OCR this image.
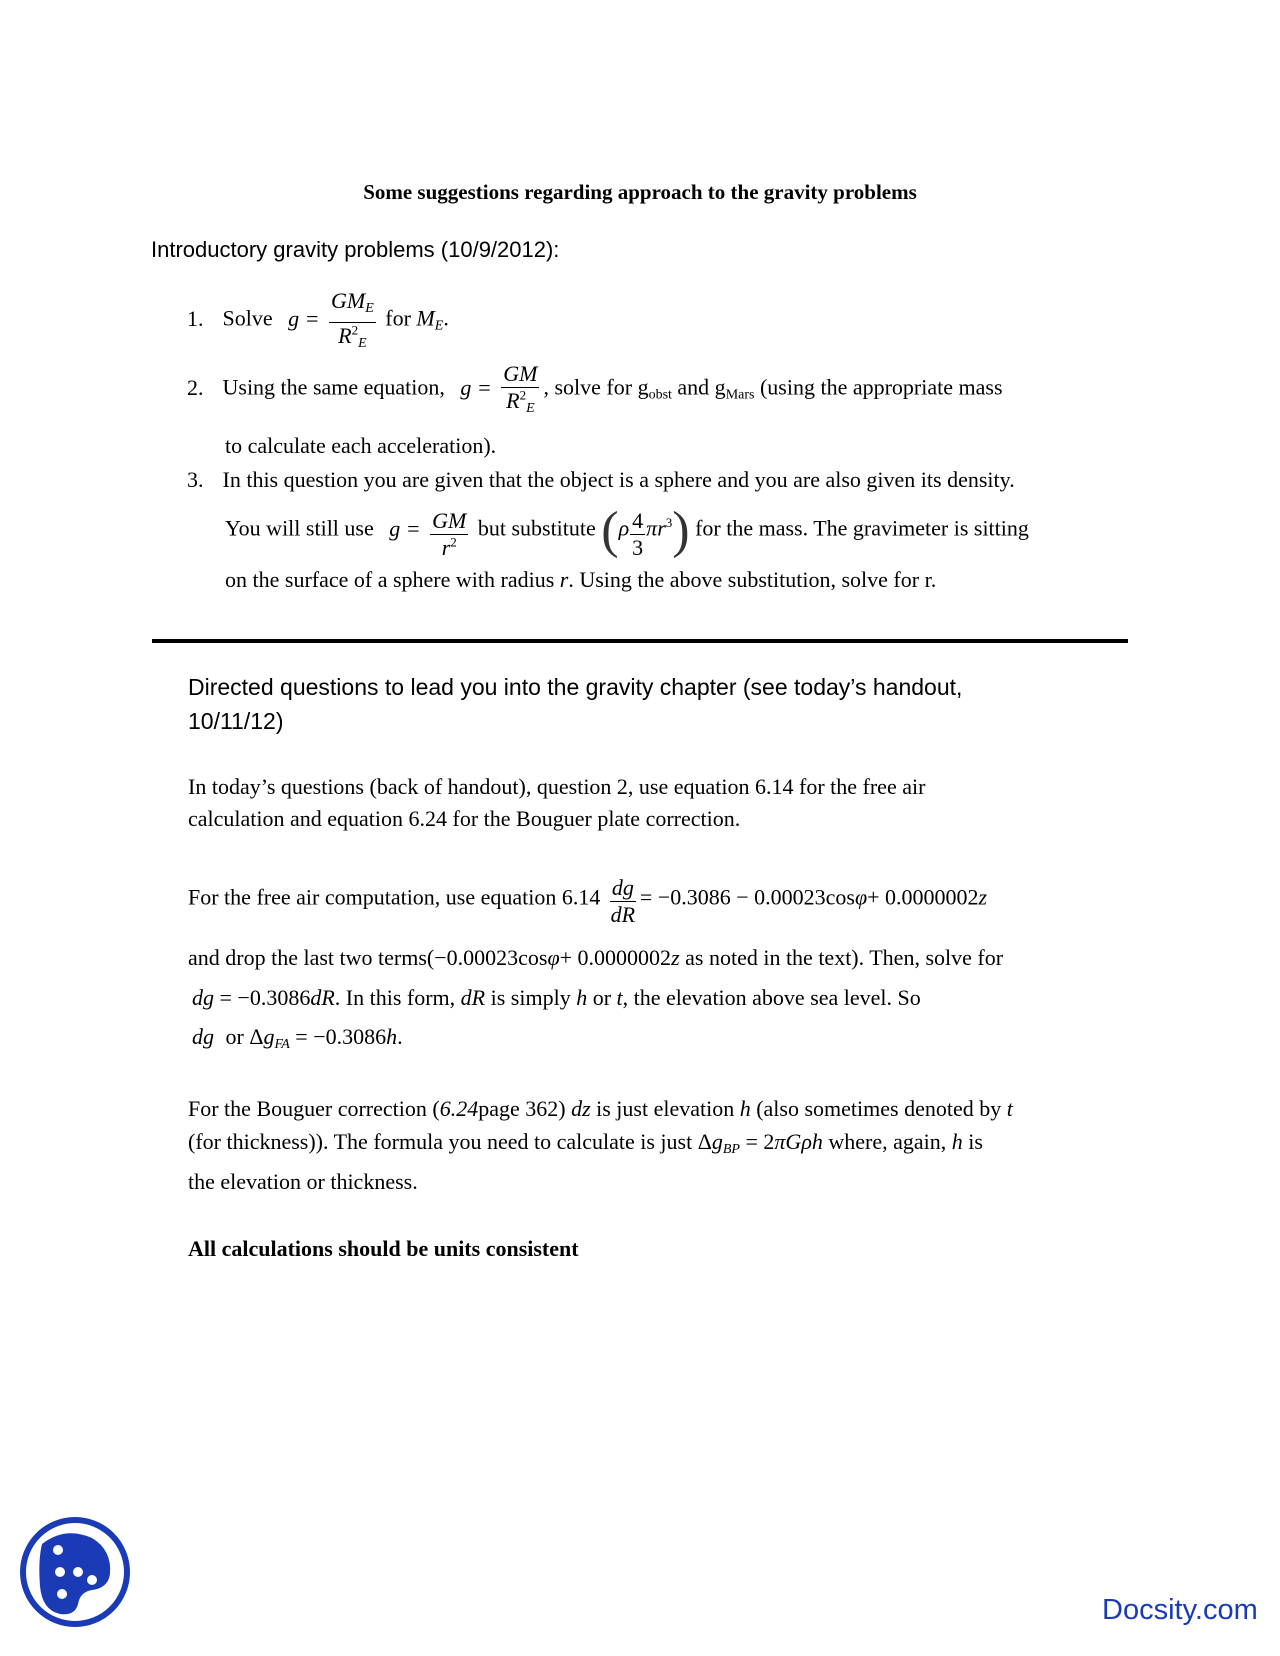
Some suggestions regarding approach to the gravity problems
Introductory gravity problems (10/9/2012):
1. Solve $g = \frac{GM_E}{R^2_E}$ for $M_E$.
2. Using the same equation, $g = \frac{GM}{R^2_E}$ , solve for $g_{obst}$ and $g_{Mars}$ (using the appropriate mass
to calculate each acceleration).
3. In this question you are given that the object is a sphere and you are also given its density.
You will still use $g = \frac{GM}{r^2}$ but substitute $(\rho \frac{4}{3} \pi r^3)$ for the mass. The gravimeter is sitting
on the surface of a sphere with radius r. Using the above substitution, solve for r.
Directed questions to lead you into the gravity chapter (see today’s handout,
10/11/12)
In today’s questions (back of handout), question 2, use equation 6.14 for the free air
calculation and equation 6.24 for the Bouguer plate correction.
For the free air computation, use equation $6.14 \frac{dg}{dR} = -0.3086 - 0.00023\cos\varphi+ 0.0000002z$
and drop the last two terms(−0.00023cosφ+ 0.0000002z as noted in the text). Then, solve for
dg = −0.3086dR. In this form, dR is simply h or t, the elevation above sea level. So
dg or $\Delta g_{FA} = -0.3086h$.
For the Bouguer correction (6.24page 362) dz is just elevation h (also sometimes denoted by t
(for thickness)). The formula you need to calculate is just $\Delta g_{BP} = 2\pi G\rho h$ where, again, h is
the elevation or thickness.
All calculations should be units consistent
Docsity.com
